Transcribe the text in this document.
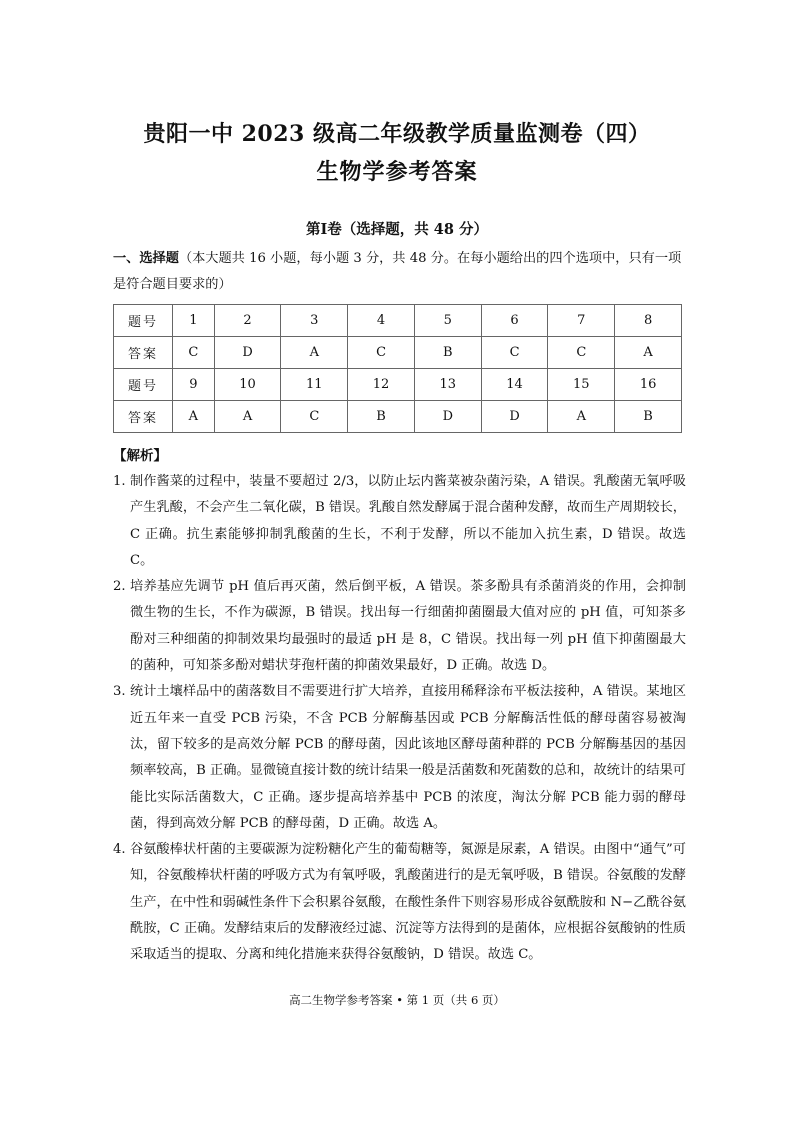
贵阳一中 2023 级高二年级教学质量监测卷（四）
生物学参考答案
第Ⅰ卷（选择题，共 48 分）
一、选择题（本大题共 16 小题，每小题 3 分，共 48 分。在每小题给出的四个选项中，只有一项是符合题目要求的）
题号	1	2	3	4	5	6	7	8
答案	C	D	A	C	B	C	C	A
题号	9	10	11	12	13	14	15	16
答案	A	A	C	B	D	D	A	B
【解析】
1. 制作酱菜的过程中，装量不要超过 2/3，以防止坛内酱菜被杂菌污染，A 错误。乳酸菌无氧呼吸产生乳酸，不会产生二氧化碳，B 错误。乳酸自然发酵属于混合菌种发酵，故而生产周期较长，C 正确。抗生素能够抑制乳酸菌的生长，不利于发酵，所以不能加入抗生素，D 错误。故选 C。
2. 培养基应先调节 pH 值后再灭菌，然后倒平板，A 错误。茶多酚具有杀菌消炎的作用，会抑制微生物的生长，不作为碳源，B 错误。找出每一行细菌抑菌圈最大值对应的 pH 值，可知茶多酚对三种细菌的抑制效果均最强时的最适 pH 是 8，C 错误。找出每一列 pH 值下抑菌圈最大的菌种，可知茶多酚对蜡状芽孢杆菌的抑菌效果最好，D 正确。故选 D。
3. 统计土壤样品中的菌落数目不需要进行扩大培养，直接用稀释涂布平板法接种，A 错误。某地区近五年来一直受 PCB 污染，不含 PCB 分解酶基因或 PCB 分解酶活性低的酵母菌容易被淘汰，留下较多的是高效分解 PCB 的酵母菌，因此该地区酵母菌种群的 PCB 分解酶基因的基因频率较高，B 正确。显微镜直接计数的统计结果一般是活菌数和死菌数的总和，故统计的结果可能比实际活菌数大，C 正确。逐步提高培养基中 PCB 的浓度，淘汰分解 PCB 能力弱的酵母菌，得到高效分解 PCB 的酵母菌，D 正确。故选 A。
4. 谷氨酸棒状杆菌的主要碳源为淀粉糖化产生的葡萄糖等，氮源是尿素，A 错误。由图中“通气”可知，谷氨酸棒状杆菌的呼吸方式为有氧呼吸，乳酸菌进行的是无氧呼吸，B 错误。谷氨酸的发酵生产，在中性和弱碱性条件下会积累谷氨酸，在酸性条件下则容易形成谷氨酰胺和 N−乙酰谷氨酰胺，C 正确。发酵结束后的发酵液经过滤、沉淀等方法得到的是菌体，应根据谷氨酸钠的性质采取适当的提取、分离和纯化措施来获得谷氨酸钠，D 错误。故选 C。
高二生物学参考答案 • 第 1 页（共 6 页）
